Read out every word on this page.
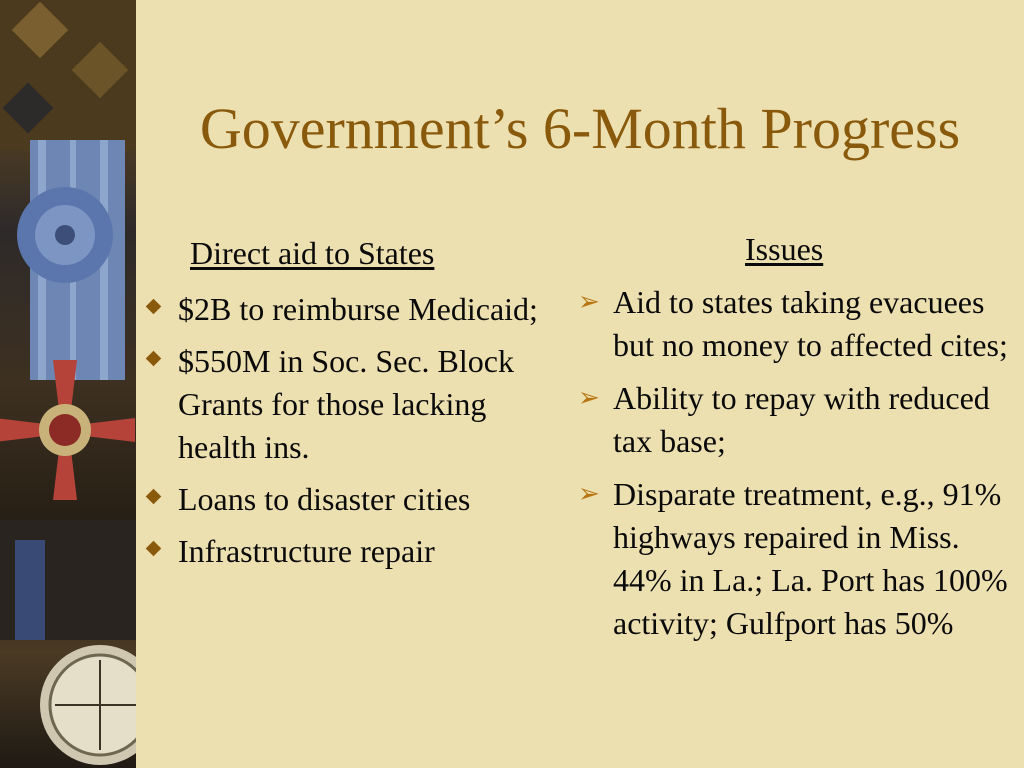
Government’s 6-Month Progress
Direct aid to States
$2B to reimburse Medicaid;
$550M in Soc. Sec. Block Grants for those lacking health ins.
Loans to disaster cities
Infrastructure repair
Issues
➢ Aid to states taking evacuees but no money to affected cites;
➢ Ability to repay with reduced tax base;
➢ Disparate treatment, e.g., 91% highways repaired in Miss. 44% in La.; La. Port has 100% activity; Gulfport has 50%
